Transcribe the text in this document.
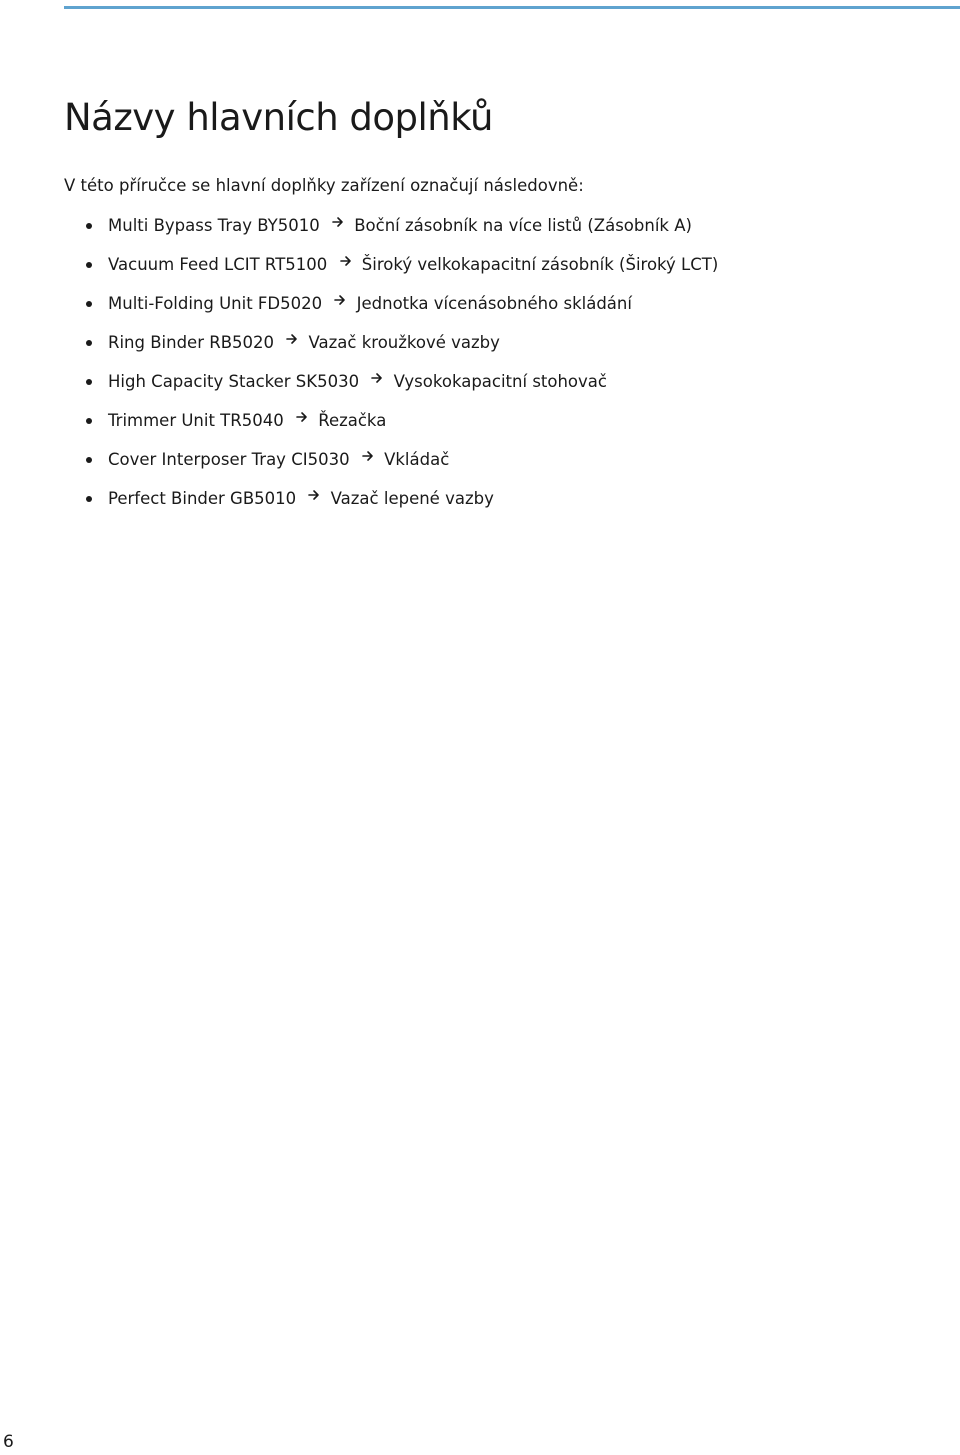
Názvy hlavních doplňků

V této příručce se hlavní doplňky zařízení označují následovně:

Multi Bypass Tray BY5010 Boční zásobník na více listů (Zásobník A)
Vacuum Feed LCIT RT5100 Široký velkokapacitní zásobník (Široký LCT)
Multi-Folding Unit FD5020 Jednotka vícenásobného skládání
Ring Binder RB5020 Vazač kroužkové vazby
High Capacity Stacker SK5030 Vysokokapacitní stohovač
Trimmer Unit TR5040 Řezačka
Cover Interposer Tray CI5030 Vkládač
Perfect Binder GB5010 Vazač lepené vazby
6
